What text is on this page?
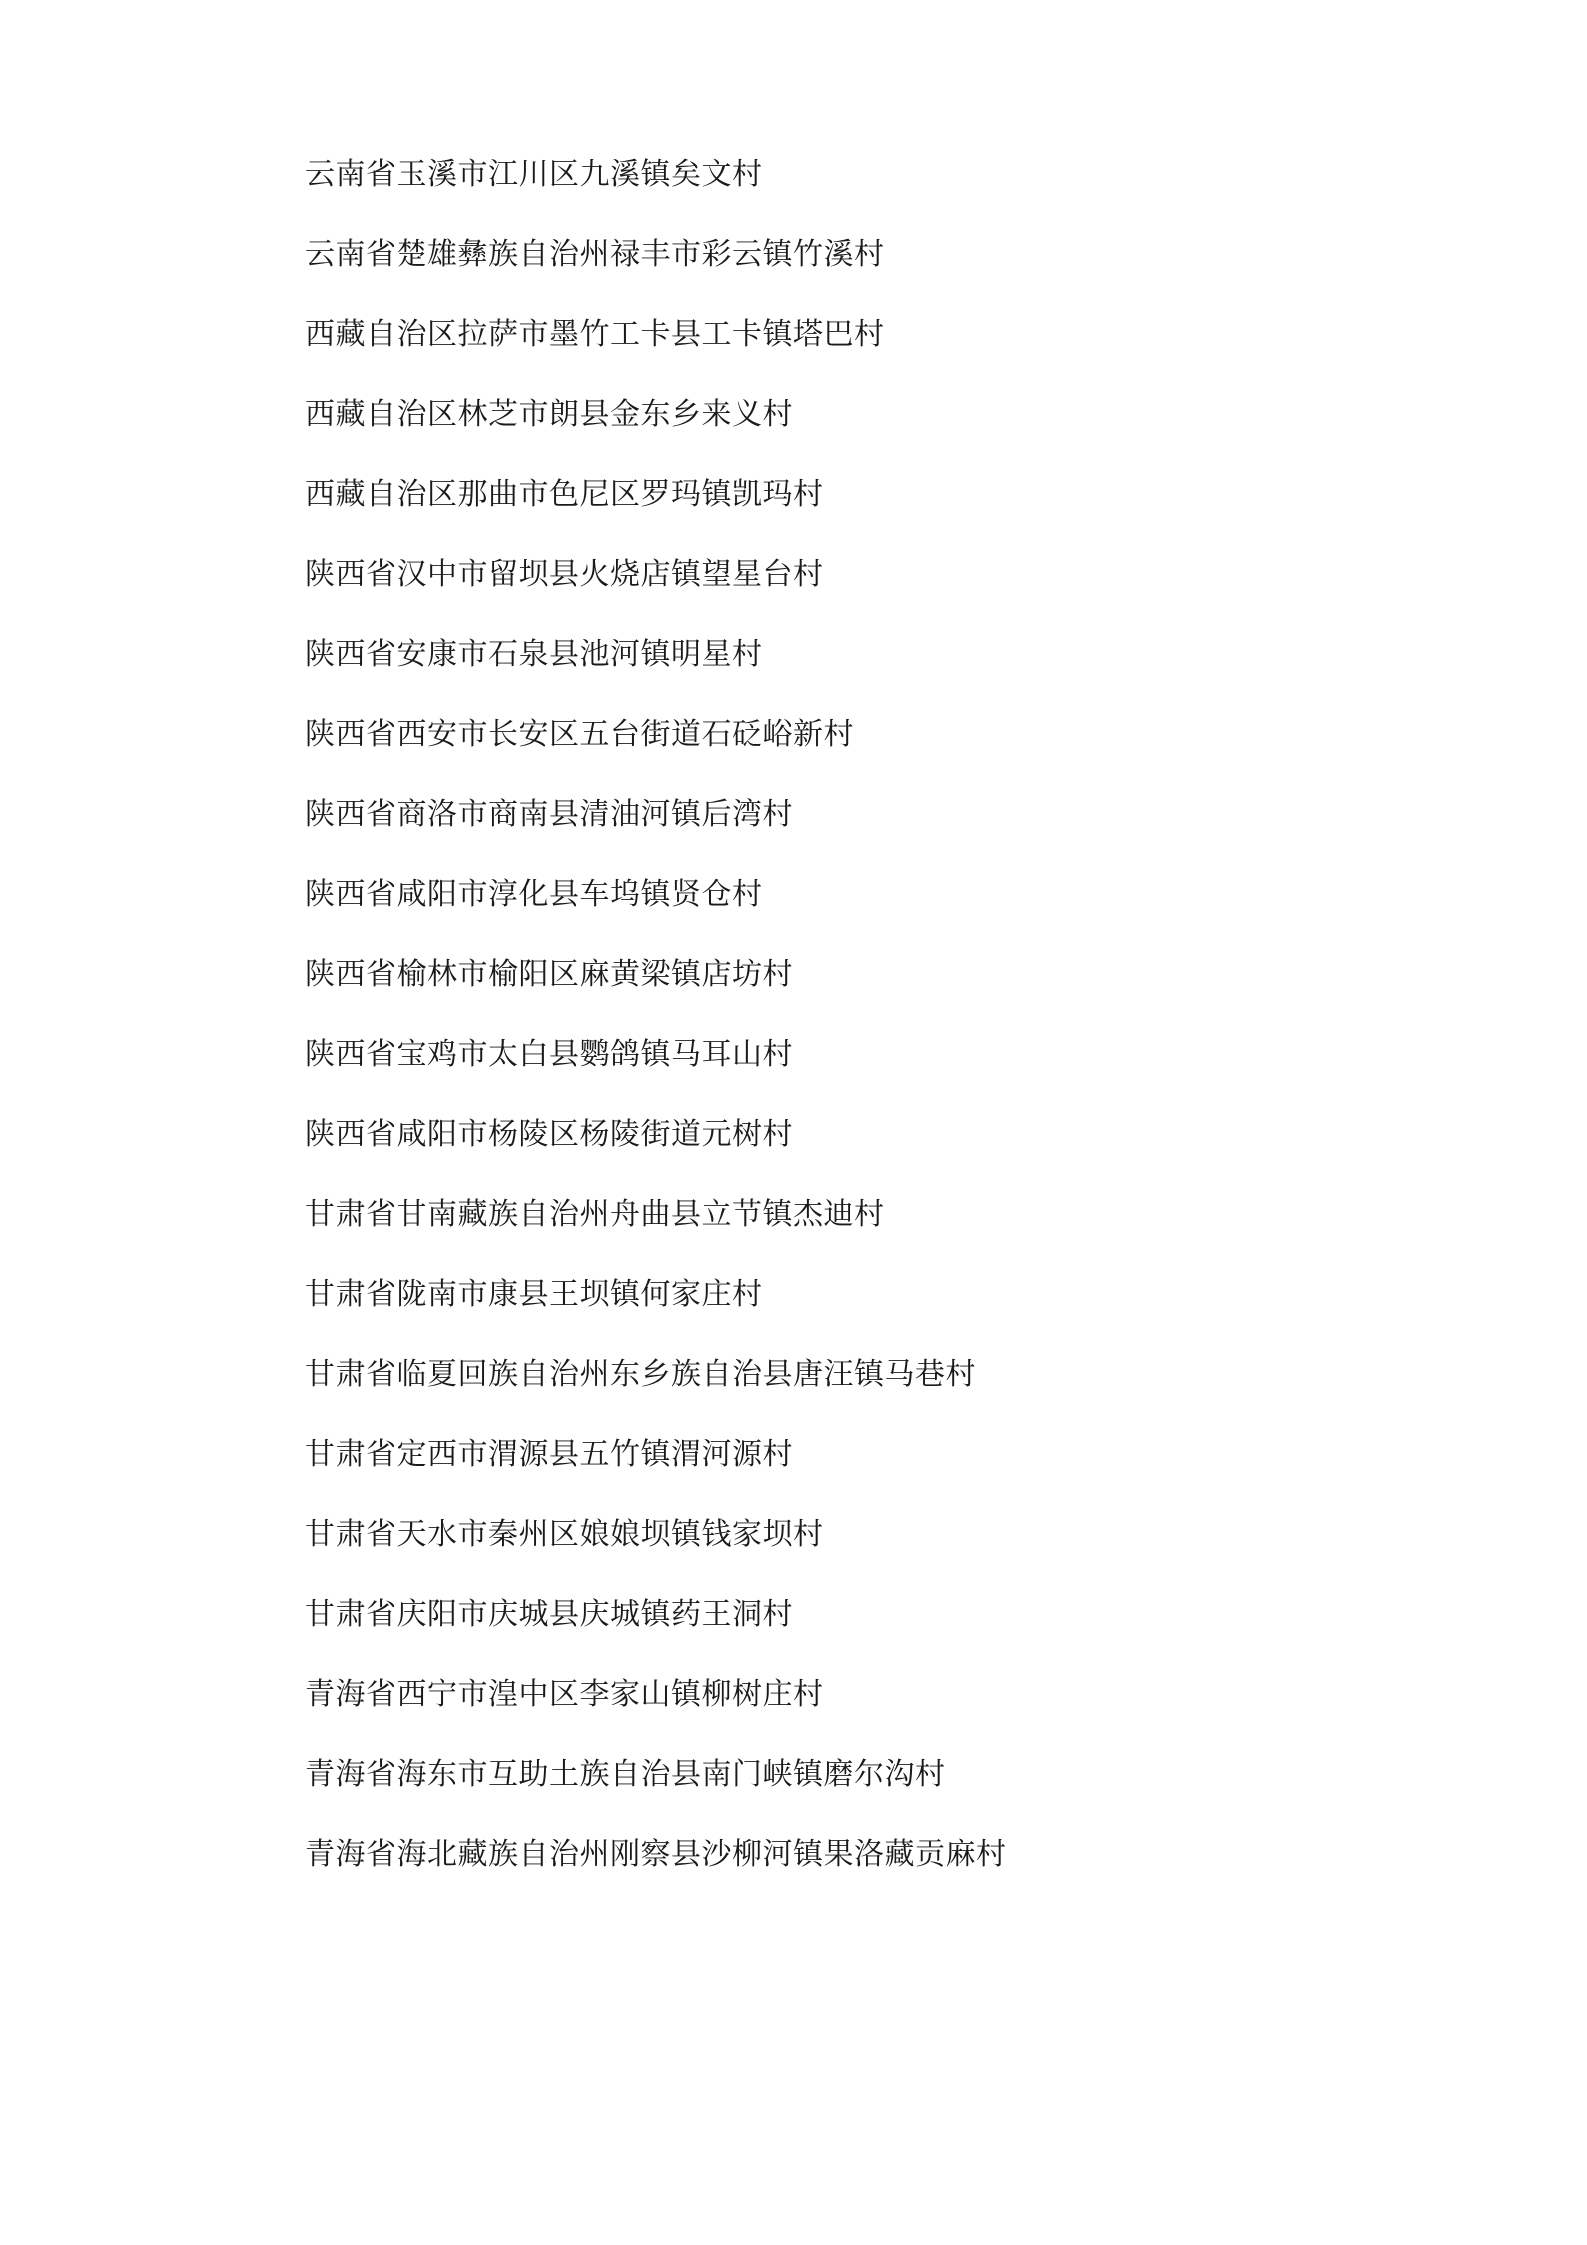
云南省玉溪市江川区九溪镇矣文村
云南省楚雄彝族自治州禄丰市彩云镇竹溪村
西藏自治区拉萨市墨竹工卡县工卡镇塔巴村
西藏自治区林芝市朗县金东乡来义村
西藏自治区那曲市色尼区罗玛镇凯玛村
陕西省汉中市留坝县火烧店镇望星台村
陕西省安康市石泉县池河镇明星村
陕西省西安市长安区五台街道石砭峪新村
陕西省商洛市商南县清油河镇后湾村
陕西省咸阳市淳化县车坞镇贤仓村
陕西省榆林市榆阳区麻黄梁镇店坊村
陕西省宝鸡市太白县鹦鸽镇马耳山村
陕西省咸阳市杨陵区杨陵街道元树村
甘肃省甘南藏族自治州舟曲县立节镇杰迪村
甘肃省陇南市康县王坝镇何家庄村
甘肃省临夏回族自治州东乡族自治县唐汪镇马巷村
甘肃省定西市渭源县五竹镇渭河源村
甘肃省天水市秦州区娘娘坝镇钱家坝村
甘肃省庆阳市庆城县庆城镇药王洞村
青海省西宁市湟中区李家山镇柳树庄村
青海省海东市互助土族自治县南门峡镇磨尔沟村
青海省海北藏族自治州刚察县沙柳河镇果洛藏贡麻村
